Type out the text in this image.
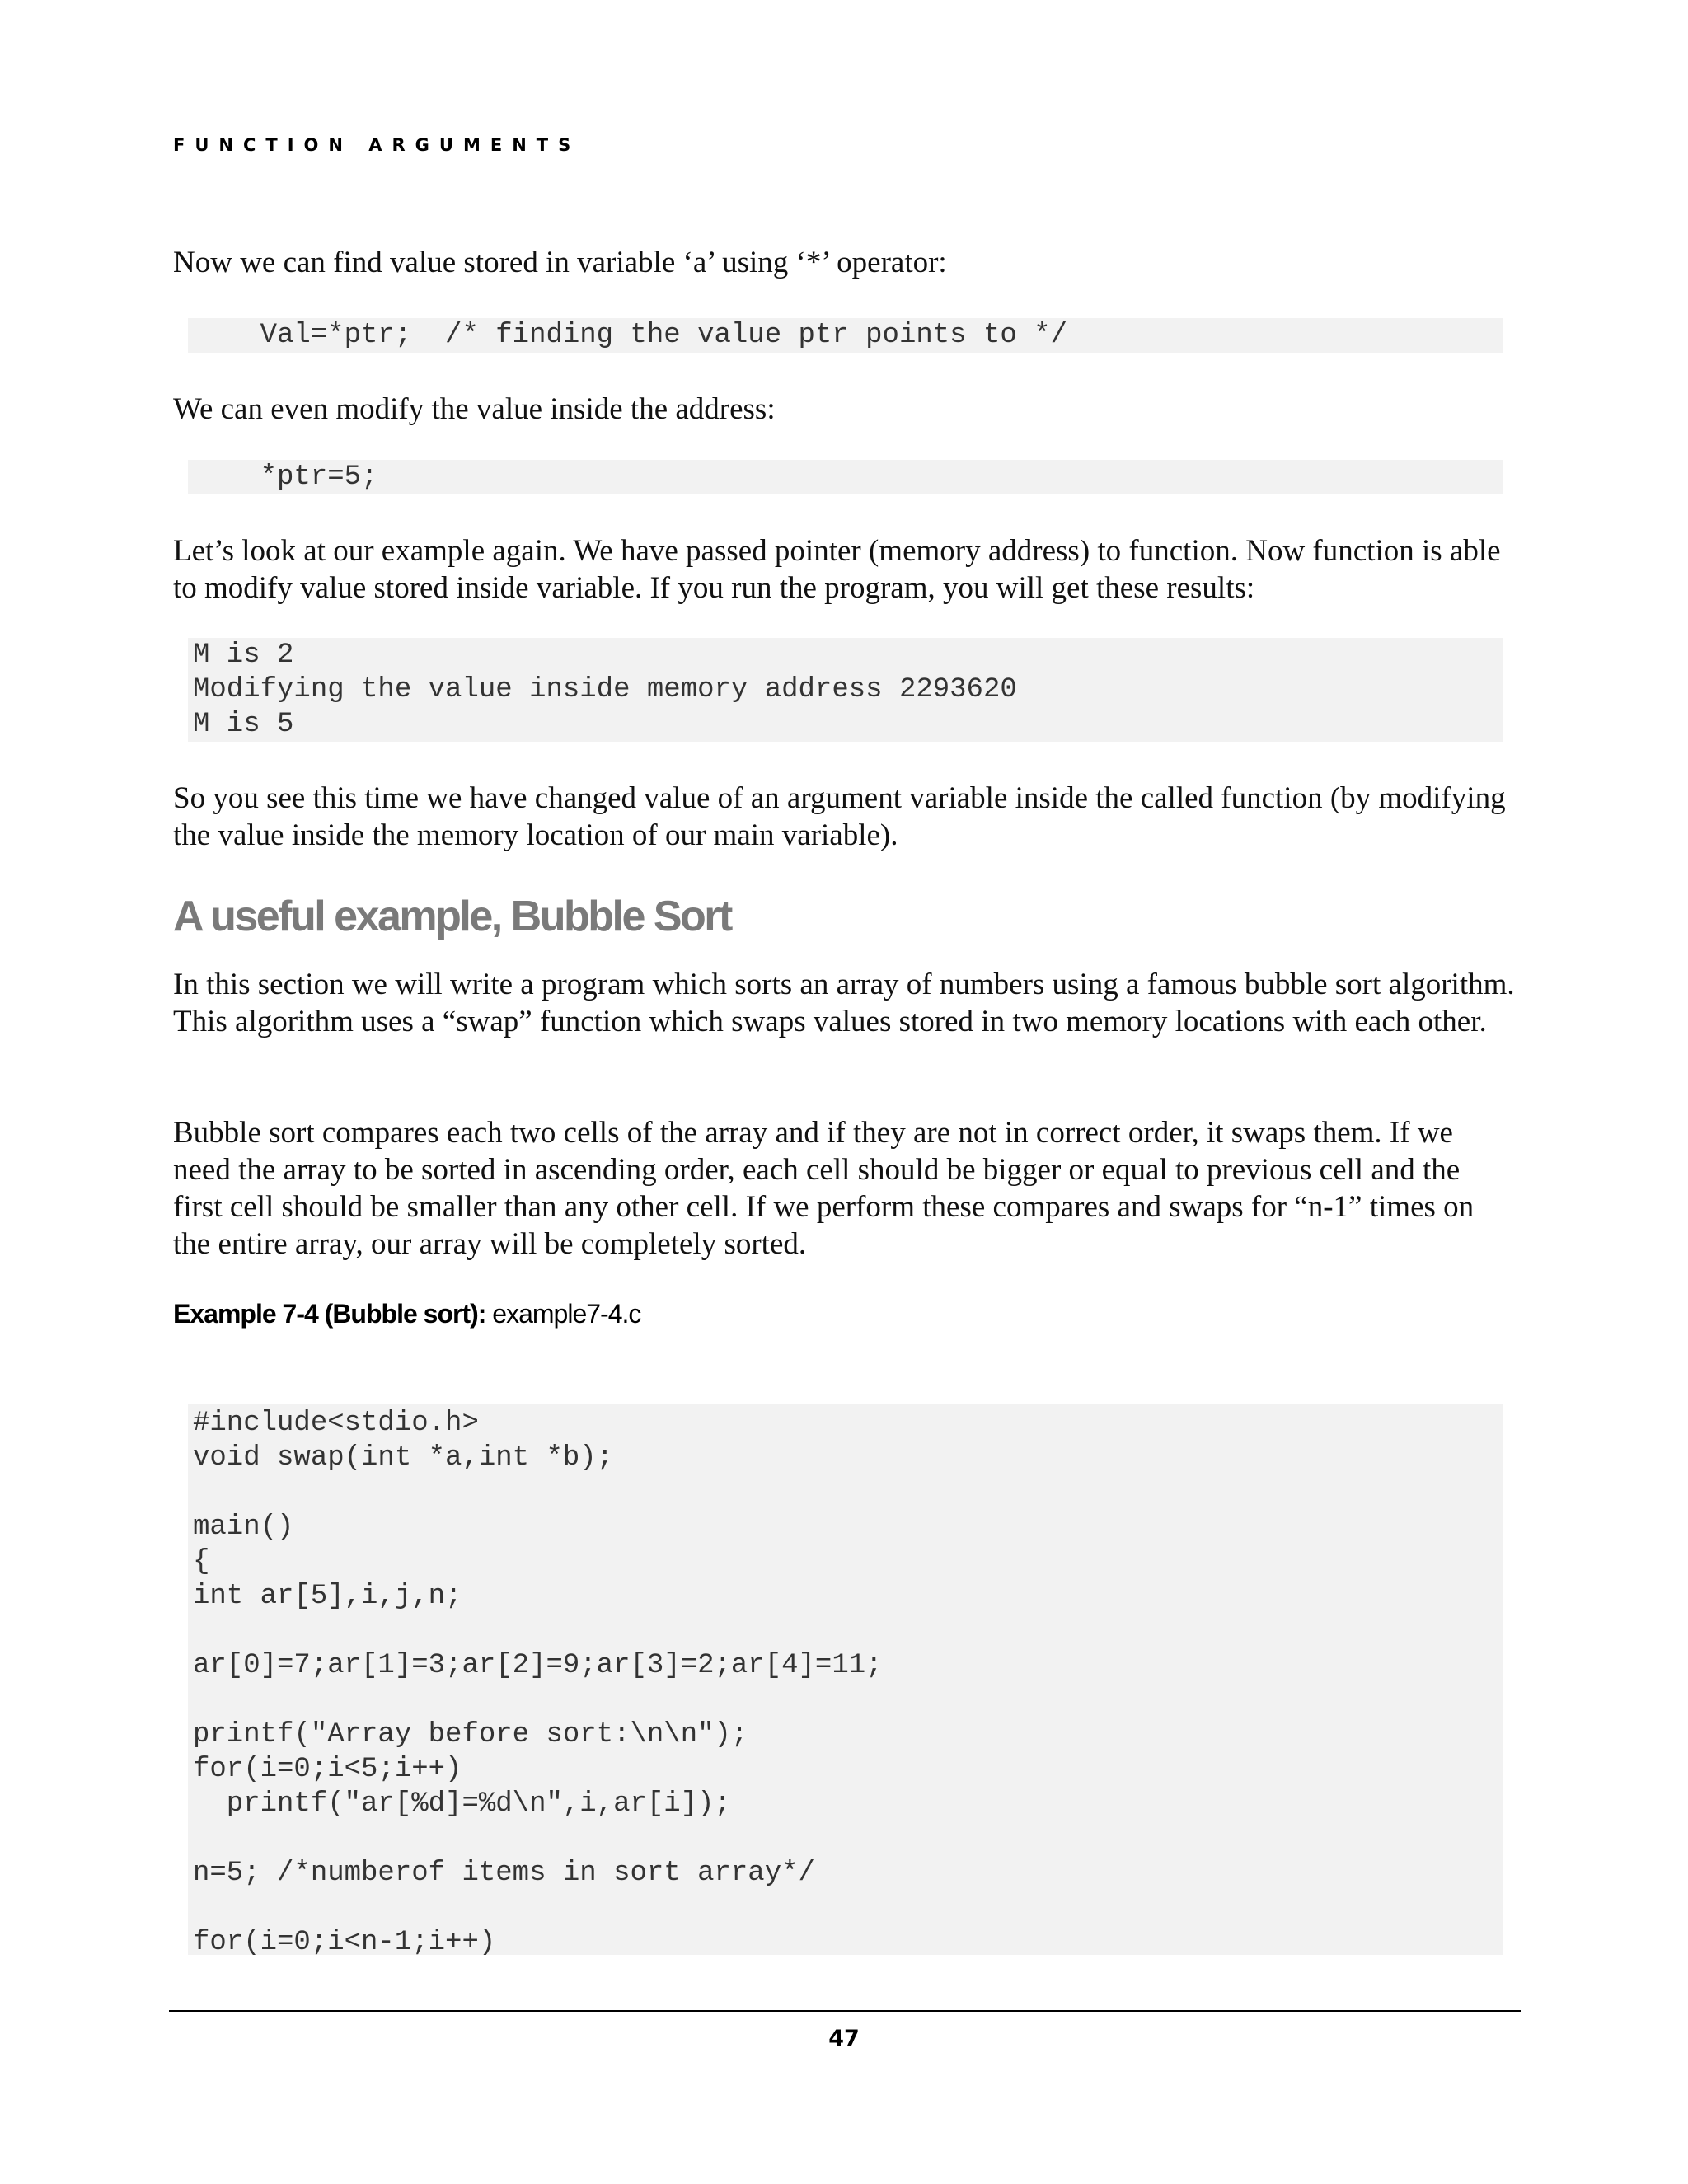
FUNCTION ARGUMENTS

Now we can find value stored in variable ‘a’ using ‘*’ operator:

Val=*ptr;  /* finding the value ptr points to */

We can even modify the value inside the address:

*ptr=5;

Let’s look at our example again. We have passed pointer (memory address) to function. Now function is able to modify value stored inside variable. If you run the program, you will get these results:

M is 2
Modifying the value inside memory address 2293620
M is 5

So you see this time we have changed value of an argument variable inside the called function (by modifying the value inside the memory location of our main variable).

A useful example, Bubble Sort

In this section we will write a program which sorts an array of numbers using a famous bubble sort algorithm. This algorithm uses a “swap” function which swaps values stored in two memory locations with each other.

Bubble sort compares each two cells of the array and if they are not in correct order, it swaps them. If we need the array to be sorted in ascending order, each cell should be bigger or equal to previous cell and the first cell should be smaller than any other cell. If we perform these compares and swaps for “n-1” times on the entire array, our array will be completely sorted.

Example 7-4 (Bubble sort): example7-4.c
#include<stdio.h>
void swap(int *a,int *b);
main()
{
int ar[5],i,j,n;
ar[0]=7;ar[1]=3;ar[2]=9;ar[3]=2;ar[4]=11;
printf("Array before sort:\n\n");
for(i=0;i<5;i++)
printf("ar[%d]=%d\n",i,ar[i]);
n=5; /*numberof items in sort array*/
for(i=0;i<n-1;i++)
47
